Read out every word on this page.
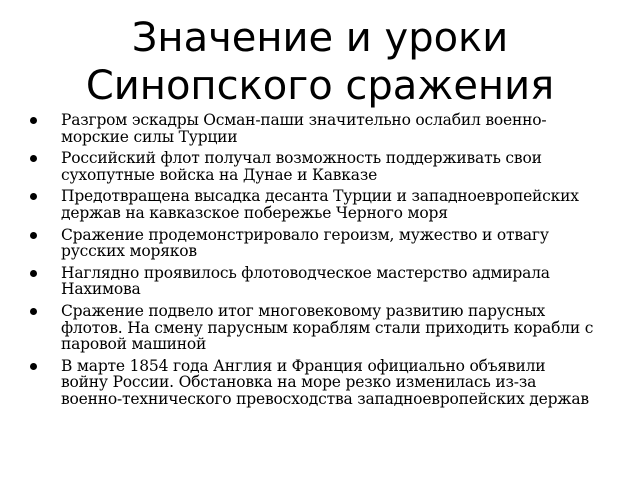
Значение и уроки
Синопского сражения
Разгром эскадры Осман-паши значительно ослабил военно-морские силы Турции
Российский флот получал возможность поддерживать свои сухопутные войска на Дунае и Кавказе
Предотвращена высадка десанта Турции и западноевропейских держав на кавказское побережье Черного моря
Сражение продемонстрировало героизм, мужество и отвагу русских моряков
Наглядно проявилось флотоводческое мастерство адмирала Нахимова
Сражение подвело итог многовековому развитию парусных флотов. На смену парусным кораблям стали приходить корабли с паровой машиной
В марте 1854 года Англия и Франция официально объявили войну России. Обстановка на море резко изменилась из-за военно-технического превосходства западноевропейских держав
